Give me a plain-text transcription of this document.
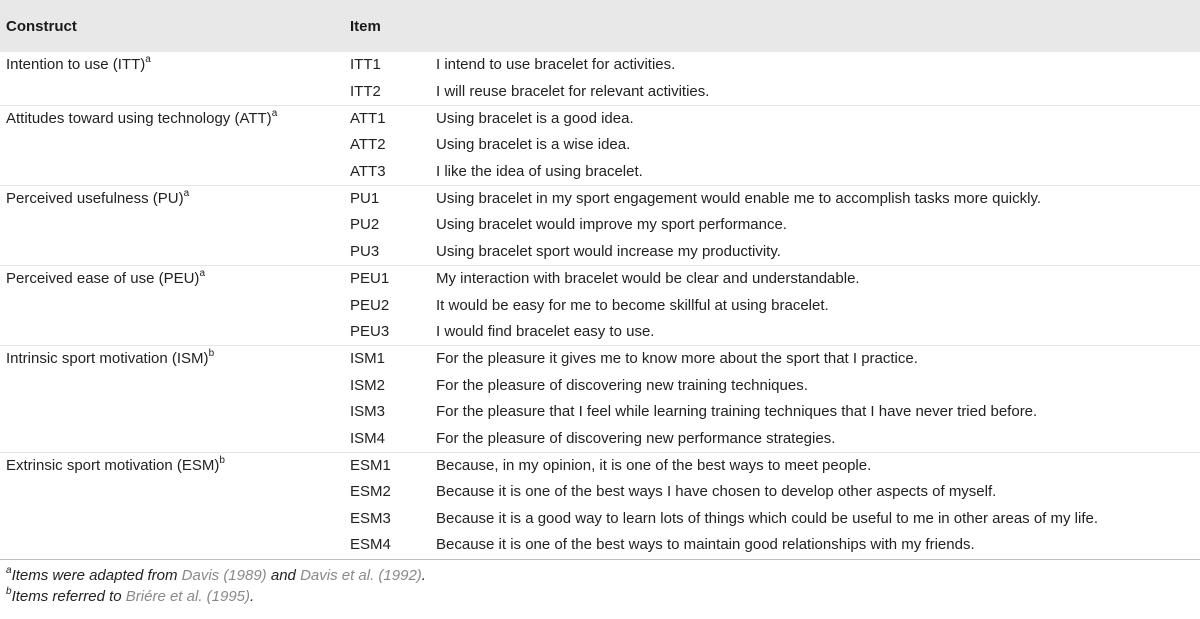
Construct	Item	
Intention to use (ITT)$^a$	ITT1	I intend to use bracelet for activities.
	ITT2	I will reuse bracelet for relevant activities.
Attitudes toward using technology (ATT)$^a$	ATT1	Using bracelet is a good idea.
	ATT2	Using bracelet is a wise idea.
	ATT3	I like the idea of using bracelet.
Perceived usefulness (PU)$^a$	PU1	Using bracelet in my sport engagement would enable me to accomplish tasks more quickly.
	PU2	Using bracelet would improve my sport performance.
	PU3	Using bracelet sport would increase my productivity.
Perceived ease of use (PEU)$^a$	PEU1	My interaction with bracelet would be clear and understandable.
	PEU2	It would be easy for me to become skillful at using bracelet.
	PEU3	I would find bracelet easy to use.
Intrinsic sport motivation (ISM)$^b$	ISM1	For the pleasure it gives me to know more about the sport that I practice.
	ISM2	For the pleasure of discovering new training techniques.
	ISM3	For the pleasure that I feel while learning training techniques that I have never tried before.
	ISM4	For the pleasure of discovering new performance strategies.
Extrinsic sport motivation (ESM)$^b$	ESM1	Because, in my opinion, it is one of the best ways to meet people.
	ESM2	Because it is one of the best ways I have chosen to develop other aspects of myself.
	ESM3	Because it is a good way to learn lots of things which could be useful to me in other areas of my life.
	ESM4	Because it is one of the best ways to maintain good relationships with my friends.
$^a$Items were adapted from Davis (1989) and Davis et al. (1992).
$^b$Items referred to Briére et al. (1995).
